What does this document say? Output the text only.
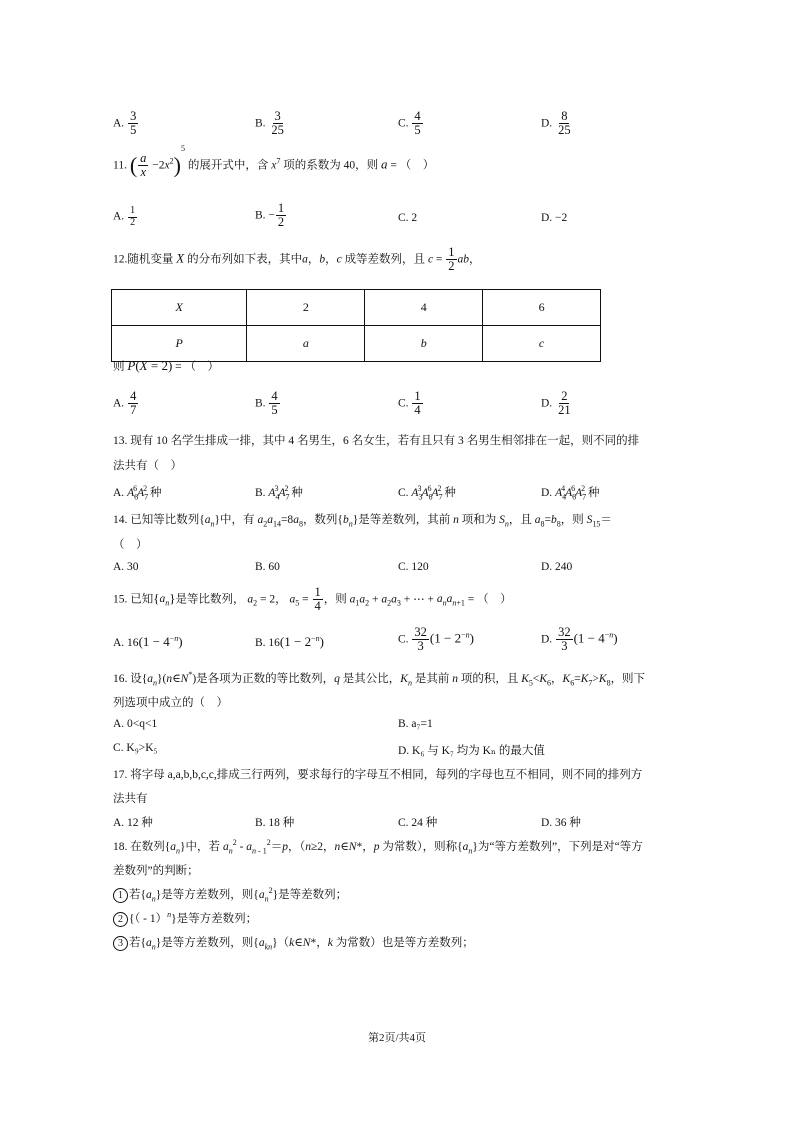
A. $\frac{3}{5}$	B. $\frac{3}{25}$	C. $\frac{4}{5}$	D. $\frac{8}{25}$
11. ( $\frac{a}{x} -2x^2)^5$ 的展开式中，含 $x^7$ 项的系数为 40，则 a = （　）
A. $\frac{1}{2}$	B. − $\frac{1}{2}$	C. 2	D. −2
12.随机变量 X 的分布列如下表，其中a，b，c 成等差数列，且 $c = \frac{1}{2}$ ab，
X	2	4	6
P	a	b	c
则 P(X = 2) = （　）
A. $\frac{4}{7}$	B. $\frac{4}{5}$	C. $\frac{1}{4}$	D. $\frac{2}{21}$
13. 现有 10 名学生排成一排，其中 4 名男生，6 名女生，若有且只有 3 名男生相邻排在一起，则不同的排
法共有（　）
A. $A_6^6A_7^2$ 种	B. $A_4^3A_7^2$ 种	C. $A_3^3A_6^6A_7^2$ 种	D. $A_4^4A_6^6A_7^2$ 种
14. 已知等比数列$\{a_n\}$中，有 $a_2a_{14}=8a_8$，数列$\{b_n\}$是等差数列，其前 n 项和为 $S_n$，且 $a_8=b_8$，则 $S_{15}=$
（　）
A. 30	B. 60	C. 120	D. 240
15. 已知$\{a_n\}$是等比数列， $a_2 = 2$， $a_5 = \frac{1}{4}$ ，则 $a_1a_2 + a_2a_3$ + ⋯ + $a_na_{n+1}$ = （　）
A. $16(1 - 4^{-n})$	B. $16(1 - 2^{-n})$	C. $\frac{32}{3} (1 - 2^{-n})$	D. $\frac{32}{3} (1 - 4^{-n})$
16. 设$\{a_n\}(n\in N^*)$是各项为正数的等比数列，q 是其公比，$K_n$ 是其前 n 项的积，且 $K_5<K_6$，$K_6=K_7>K_8$，则下
列选项中成立的（　）
A. 0<q<1	B. a₇=1
C. K₉>K₅	D. K₆ 与 K₇ 均为 Kₙ 的最大值
17. 将字母 a,a,b,b,c,c,排成三行两列，要求每行的字母互不相同，每列的字母也互不相同，则不同的排列方
法共有
A. 12 种	B. 18 种	C. 24 种	D. 36 种
18. 在数列$\{a_n\}$中，若 $a_n^2 - a_{n - 1}^2=p$，（n≥2，n∈N*，p 为常数），则称$\{a_n\}$为“等方差数列”，下列是对“等方
差数列”的判断；
1 若$\{a_n\}$是等方差数列，则$\{a_n^2\}$是等差数列；
2 {（ - 1）$^n$}是等方差数列；
3 若$\{a_n\}$是等方差数列，则$\{a_{kn}\}(k\in N*$，k 为常数）也是等方差数列；
第2页/共4页
